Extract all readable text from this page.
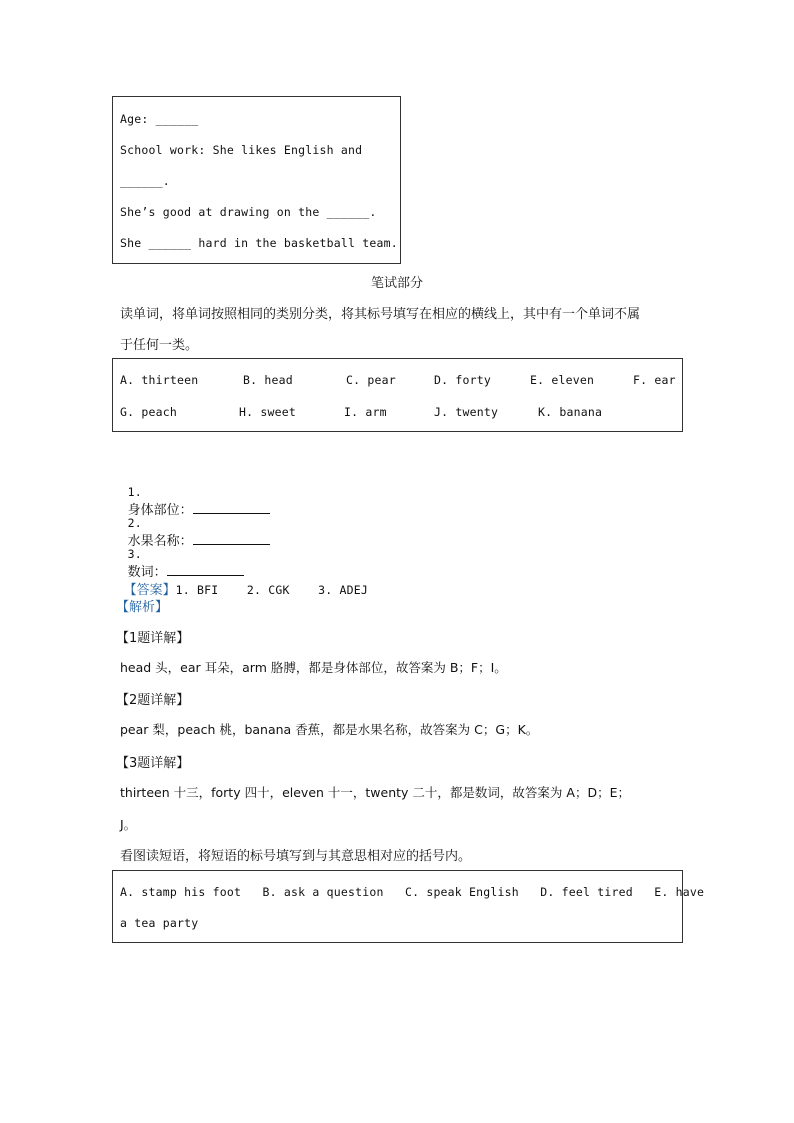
Age: ______
School work: She likes English and
______.
She’s good at drawing on the ______.
She ______ hard in the basketball team.
笔试部分
读单词，将单词按照相同的类别分类，将其标号填写在相应的横线上，其中有一个单词不属
于任何一类。
A. thirteen	B. head	C. pear	D. forty	E. eleven	F. ear
G. peach	H. sweet	I. arm	J. twenty	K. banana

1.
身体部位：

2.
水果名称：

3.
数词：

【答案】1. BFI    2. CGK    3. ADEJ

【解析】
【1题详解】
head 头，ear 耳朵，arm 胳膊，都是身体部位，故答案为 B；F；I。
【2题详解】
pear 梨，peach 桃，banana 香蕉，都是水果名称，故答案为 C；G；K。
【3题详解】
thirteen 十三，forty 四十，eleven 十一，twenty 二十，都是数词，故答案为 A；D；E；
J。
看图读短语，将短语的标号填写到与其意思相对应的括号内。
A. stamp his foot   B. ask a question   C. speak English   D. feel tired   E. have
a tea party
